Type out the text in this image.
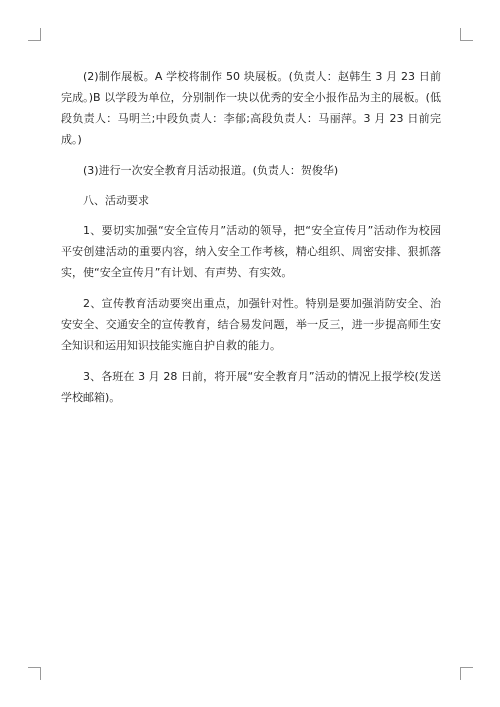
(2)制作展板。A 学校将制作 50 块展板。(负责人：赵韩生 3 月 23 日前完成。)B 以学段为单位，分别制作一块以优秀的安全小报作品为主的展板。(低段负责人：马明兰;中段负责人：李郁;高段负责人：马丽萍。3 月 23 日前完成。)

(3)进行一次安全教育月活动报道。(负责人：贺俊华)

八、活动要求

1、要切实加强“安全宣传月”活动的领导，把“安全宣传月”活动作为校园平安创建活动的重要内容，纳入安全工作考核，精心组织、周密安排、狠抓落实，使“安全宣传月”有计划、有声势、有实效。

2、宣传教育活动要突出重点，加强针对性。特别是要加强消防安全、治安安全、交通安全的宣传教育，结合易发问题，举一反三，进一步提高师生安全知识和运用知识技能实施自护自救的能力。

3、各班在 3 月 28 日前，将开展“安全教育月”活动的情况上报学校(发送学校邮箱)。
